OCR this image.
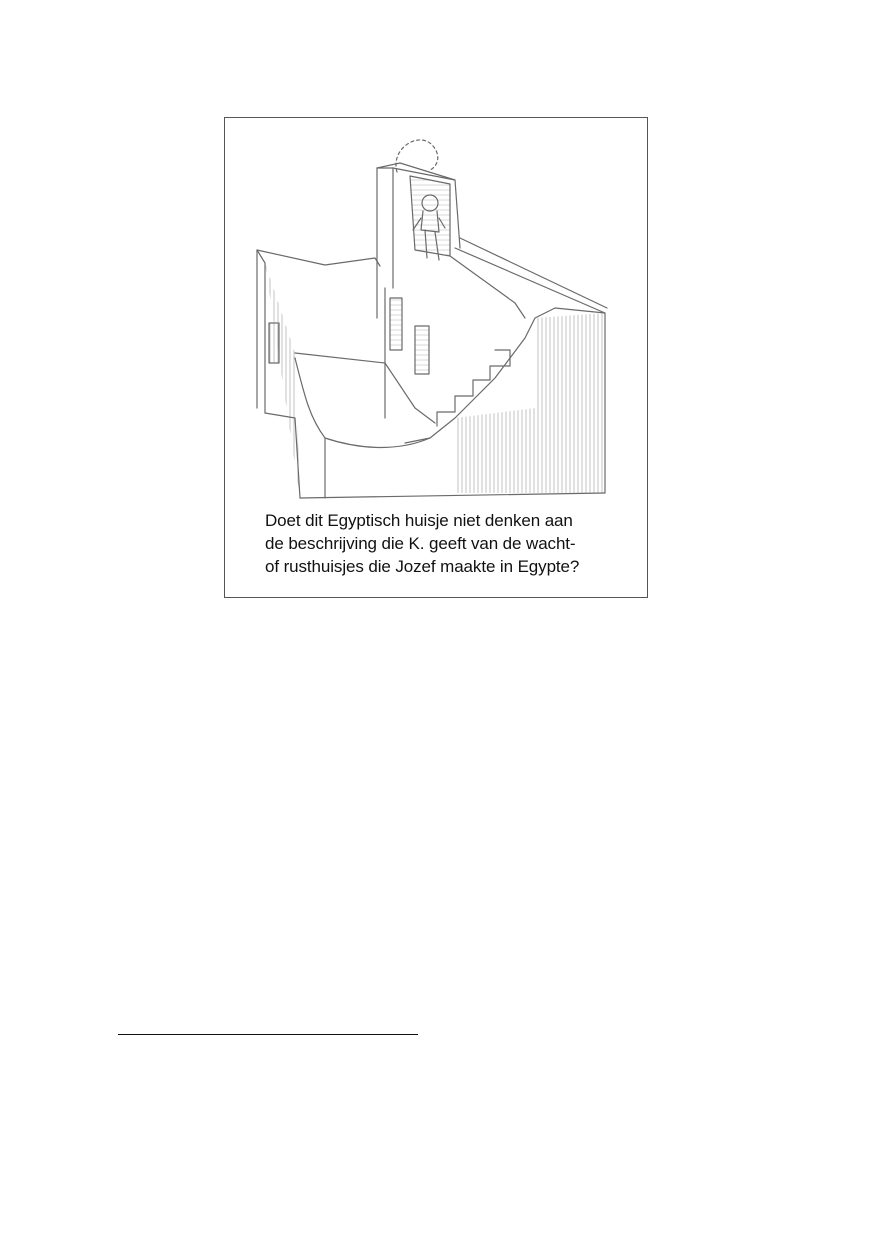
Doet dit Egyptisch huisje niet denken aan
de beschrijving die K. geeft van de wacht-
of rusthuisjes die Jozef maakte in Egypte?
